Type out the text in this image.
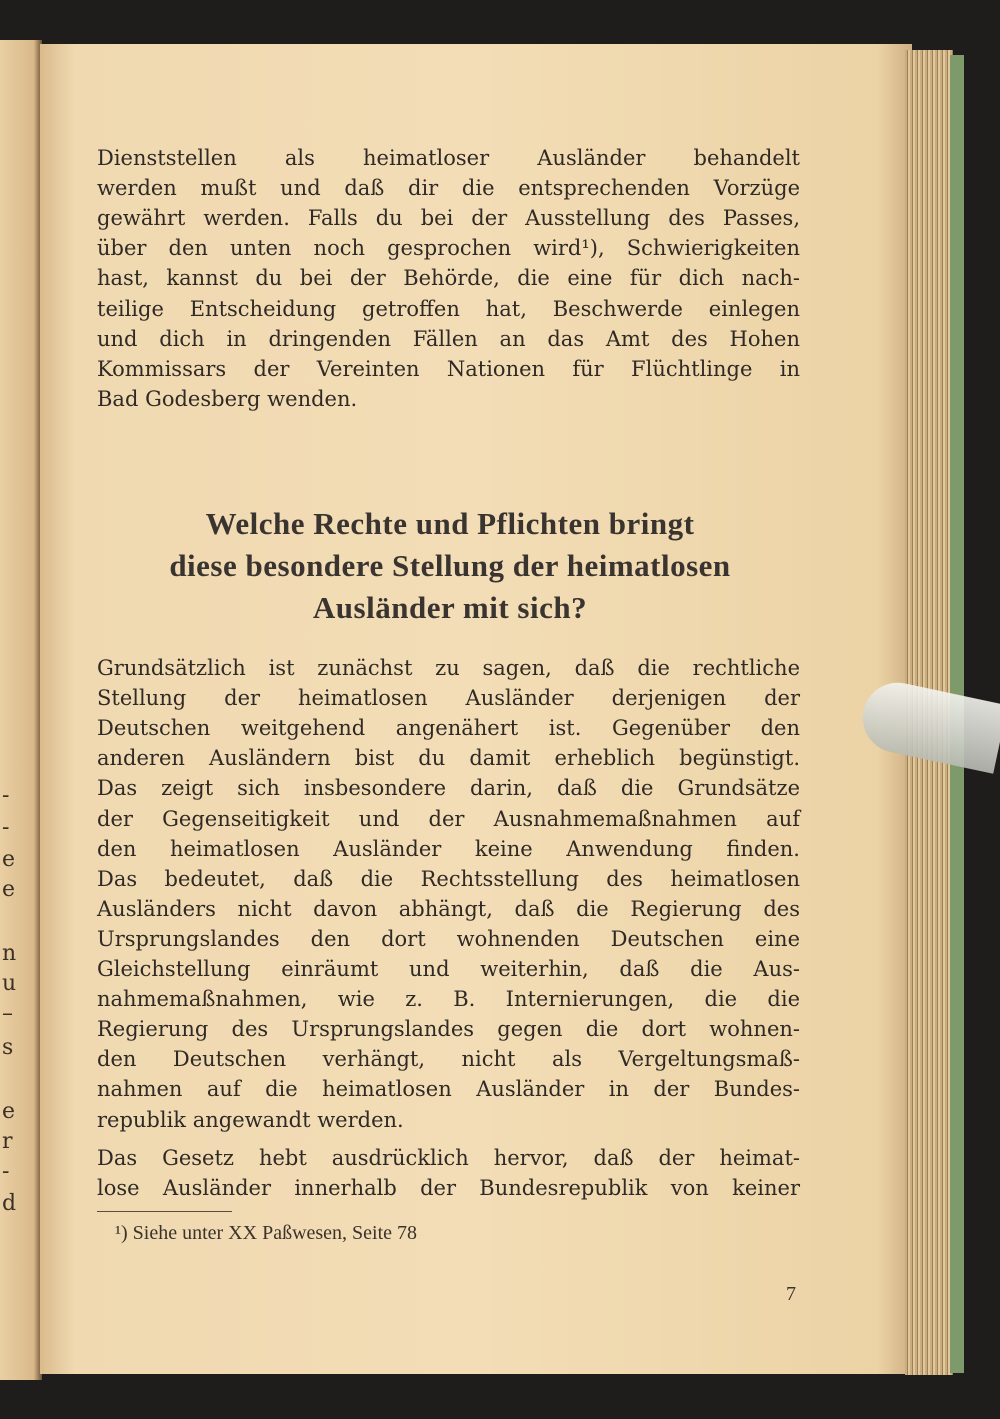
-
-
e
e
n
u
–
s
e
r
-
d
Dienststellen als heimatloser Ausländer behandelt
werden mußt und daß dir die entsprechenden Vorzüge
gewährt werden. Falls du bei der Ausstellung des Passes,
über den unten noch gesprochen wird¹), Schwierigkeiten
hast, kannst du bei der Behörde, die eine für dich nach-
teilige Entscheidung getroffen hat, Beschwerde einlegen
und dich in dringenden Fällen an das Amt des Hohen
Kommissars der Vereinten Nationen für Flüchtlinge in
Bad Godesberg wenden.
Welche Rechte und Pflichten bringt
diese besondere Stellung der heimatlosen
Ausländer mit sich?
Grundsätzlich ist zunächst zu sagen, daß die rechtliche
Stellung der heimatlosen Ausländer derjenigen der
Deutschen weitgehend angenähert ist. Gegenüber den
anderen Ausländern bist du damit erheblich begünstigt.
Das zeigt sich insbesondere darin, daß die Grundsätze
der Gegenseitigkeit und der Ausnahmemaßnahmen auf
den heimatlosen Ausländer keine Anwendung finden.
Das bedeutet, daß die Rechtsstellung des heimatlosen
Ausländers nicht davon abhängt, daß die Regierung des
Ursprungslandes den dort wohnenden Deutschen eine
Gleichstellung einräumt und weiterhin, daß die Aus-
nahmemaßnahmen, wie z. B. Internierungen, die die
Regierung des Ursprungslandes gegen die dort wohnen-
den Deutschen verhängt, nicht als Vergeltungsmaß-
nahmen auf die heimatlosen Ausländer in der Bundes-
republik angewandt werden.
Das Gesetz hebt ausdrücklich hervor, daß der heimat-
lose Ausländer innerhalb der Bundesrepublik von keiner
¹) Siehe unter XX Paßwesen, Seite 78
7
